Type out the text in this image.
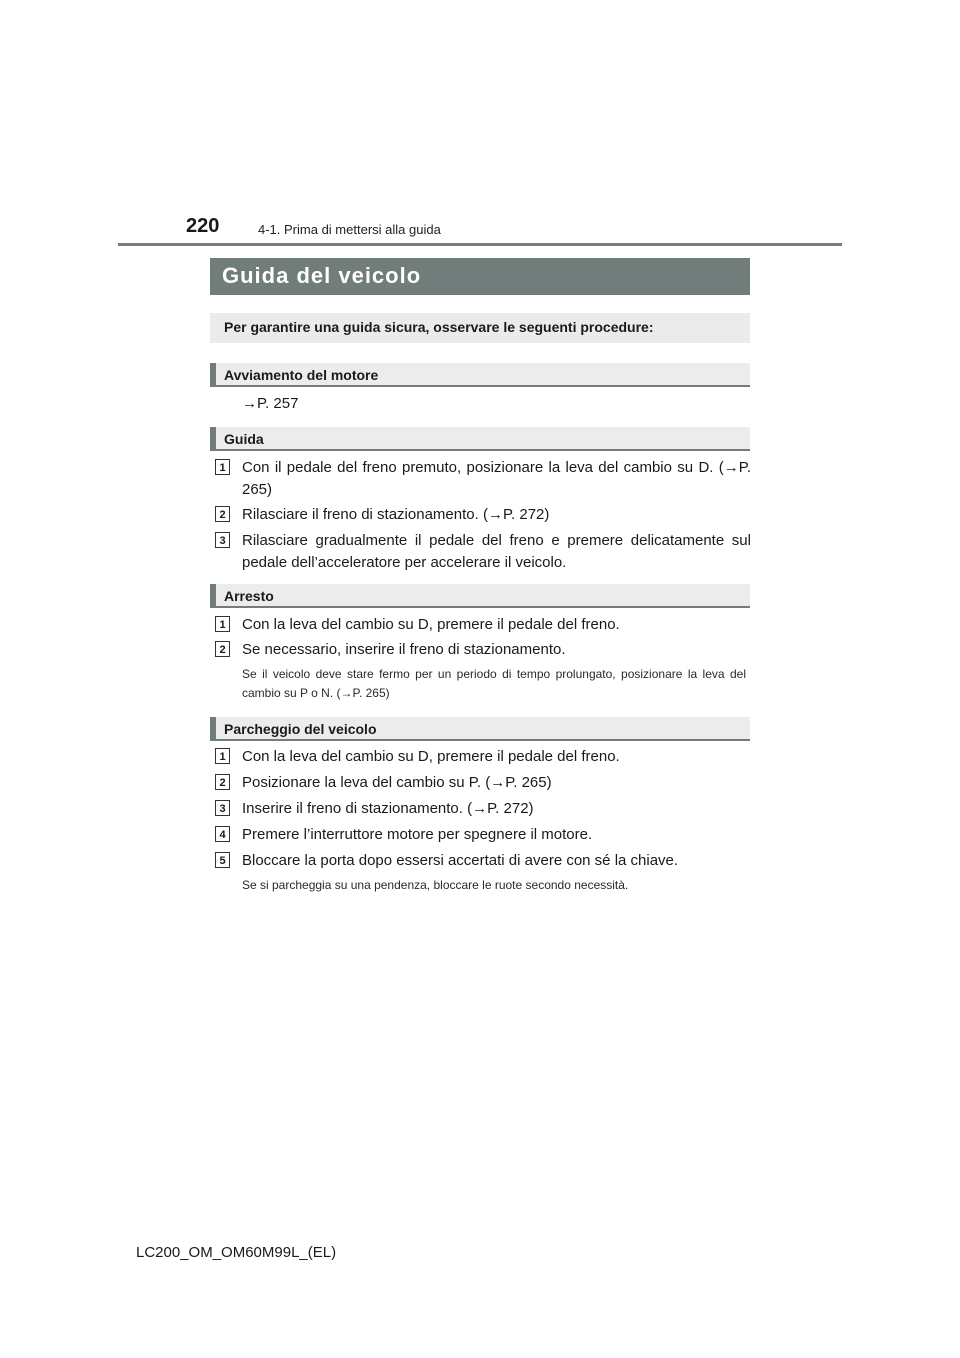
220	4-1. Prima di mettersi alla guida
Guida del veicolo
Per garantire una guida sicura, osservare le seguenti procedure:
Avviamento del motore
→P. 257
Guida
1 Con il pedale del freno premuto, posizionare la leva del cambio su D. (→P. 265)
2 Rilasciare il freno di stazionamento. (→P. 272)
3 Rilasciare gradualmente il pedale del freno e premere delicatamente sul pedale dell’acceleratore per accelerare il veicolo.
Arresto
1 Con la leva del cambio su D, premere il pedale del freno.
2 Se necessario, inserire il freno di stazionamento.
Se il veicolo deve stare fermo per un periodo di tempo prolungato, posizionare la leva del cambio su P o N. (→P. 265)
Parcheggio del veicolo
1 Con la leva del cambio su D, premere il pedale del freno.
2 Posizionare la leva del cambio su P. (→P. 265)
3 Inserire il freno di stazionamento. (→P. 272)
4 Premere l’interruttore motore per spegnere il motore.
5 Bloccare la porta dopo essersi accertati di avere con sé la chiave.
Se si parcheggia su una pendenza, bloccare le ruote secondo necessità.
LC200_OM_OM60M99L_(EL)
